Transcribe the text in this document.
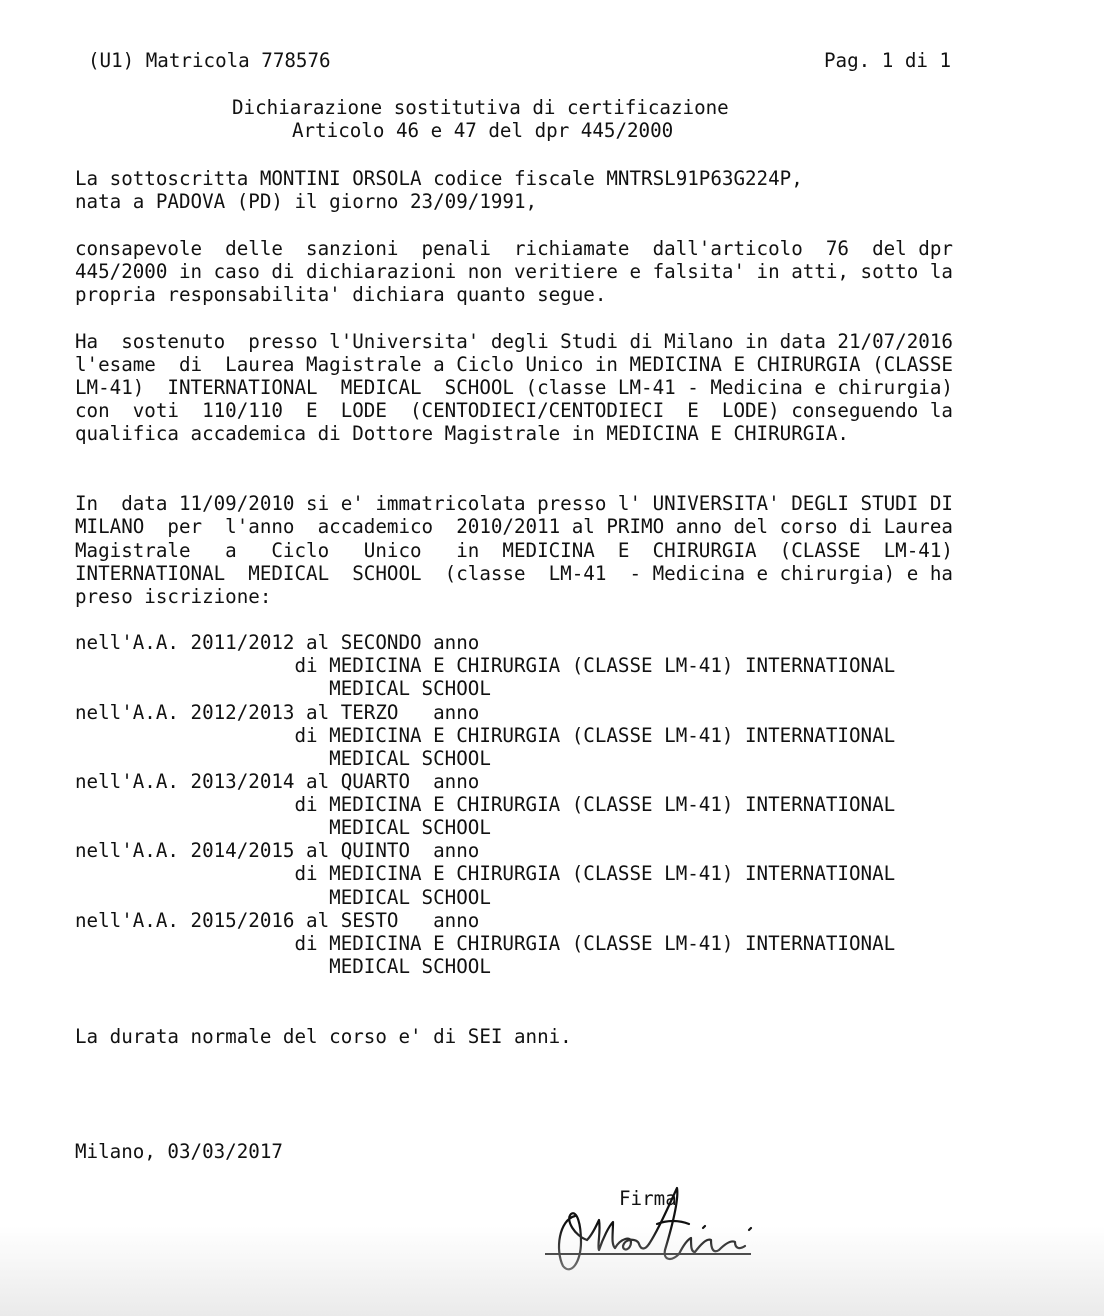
(U1) Matricola 778576	Pag. 1 di 1
Dichiarazione sostitutiva di certificazione
Articolo 46 e 47 del dpr 445/2000
La sottoscritta MONTINI ORSOLA codice fiscale MNTRSL91P63G224P,
nata a PADOVA (PD) il giorno 23/09/1991,
consapevole  delle  sanzioni  penali  richiamate  dall'articolo  76  del dpr
445/2000 in caso di dichiarazioni non veritiere e falsita' in atti, sotto la
propria responsabilita' dichiara quanto segue.
Ha  sostenuto  presso l'Universita' degli Studi di Milano in data 21/07/2016
l'esame  di  Laurea Magistrale a Ciclo Unico in MEDICINA E CHIRURGIA (CLASSE
LM-41)  INTERNATIONAL  MEDICAL  SCHOOL (classe LM-41 - Medicina e chirurgia)
con  voti  110/110  E  LODE  (CENTODIECI/CENTODIECI  E  LODE) conseguendo la
qualifica accademica di Dottore Magistrale in MEDICINA E CHIRURGIA.
In  data 11/09/2010 si e' immatricolata presso l' UNIVERSITA' DEGLI STUDI DI
MILANO  per  l'anno  accademico  2010/2011 al PRIMO anno del corso di Laurea
Magistrale   a   Ciclo   Unico   in  MEDICINA  E  CHIRURGIA  (CLASSE  LM-41)
INTERNATIONAL  MEDICAL  SCHOOL  (classe  LM-41  - Medicina e chirurgia) e ha
preso iscrizione:
nell'A.A. 2011/2012 al SECONDO anno
di MEDICINA E CHIRURGIA (CLASSE LM-41) INTERNATIONAL
MEDICAL SCHOOL
nell'A.A. 2012/2013 al TERZO   anno
di MEDICINA E CHIRURGIA (CLASSE LM-41) INTERNATIONAL
MEDICAL SCHOOL
nell'A.A. 2013/2014 al QUARTO  anno
di MEDICINA E CHIRURGIA (CLASSE LM-41) INTERNATIONAL
MEDICAL SCHOOL
nell'A.A. 2014/2015 al QUINTO  anno
di MEDICINA E CHIRURGIA (CLASSE LM-41) INTERNATIONAL
MEDICAL SCHOOL
nell'A.A. 2015/2016 al SESTO   anno
di MEDICINA E CHIRURGIA (CLASSE LM-41) INTERNATIONAL
MEDICAL SCHOOL
La durata normale del corso e' di SEI anni.
Milano, 03/03/2017
Firma
